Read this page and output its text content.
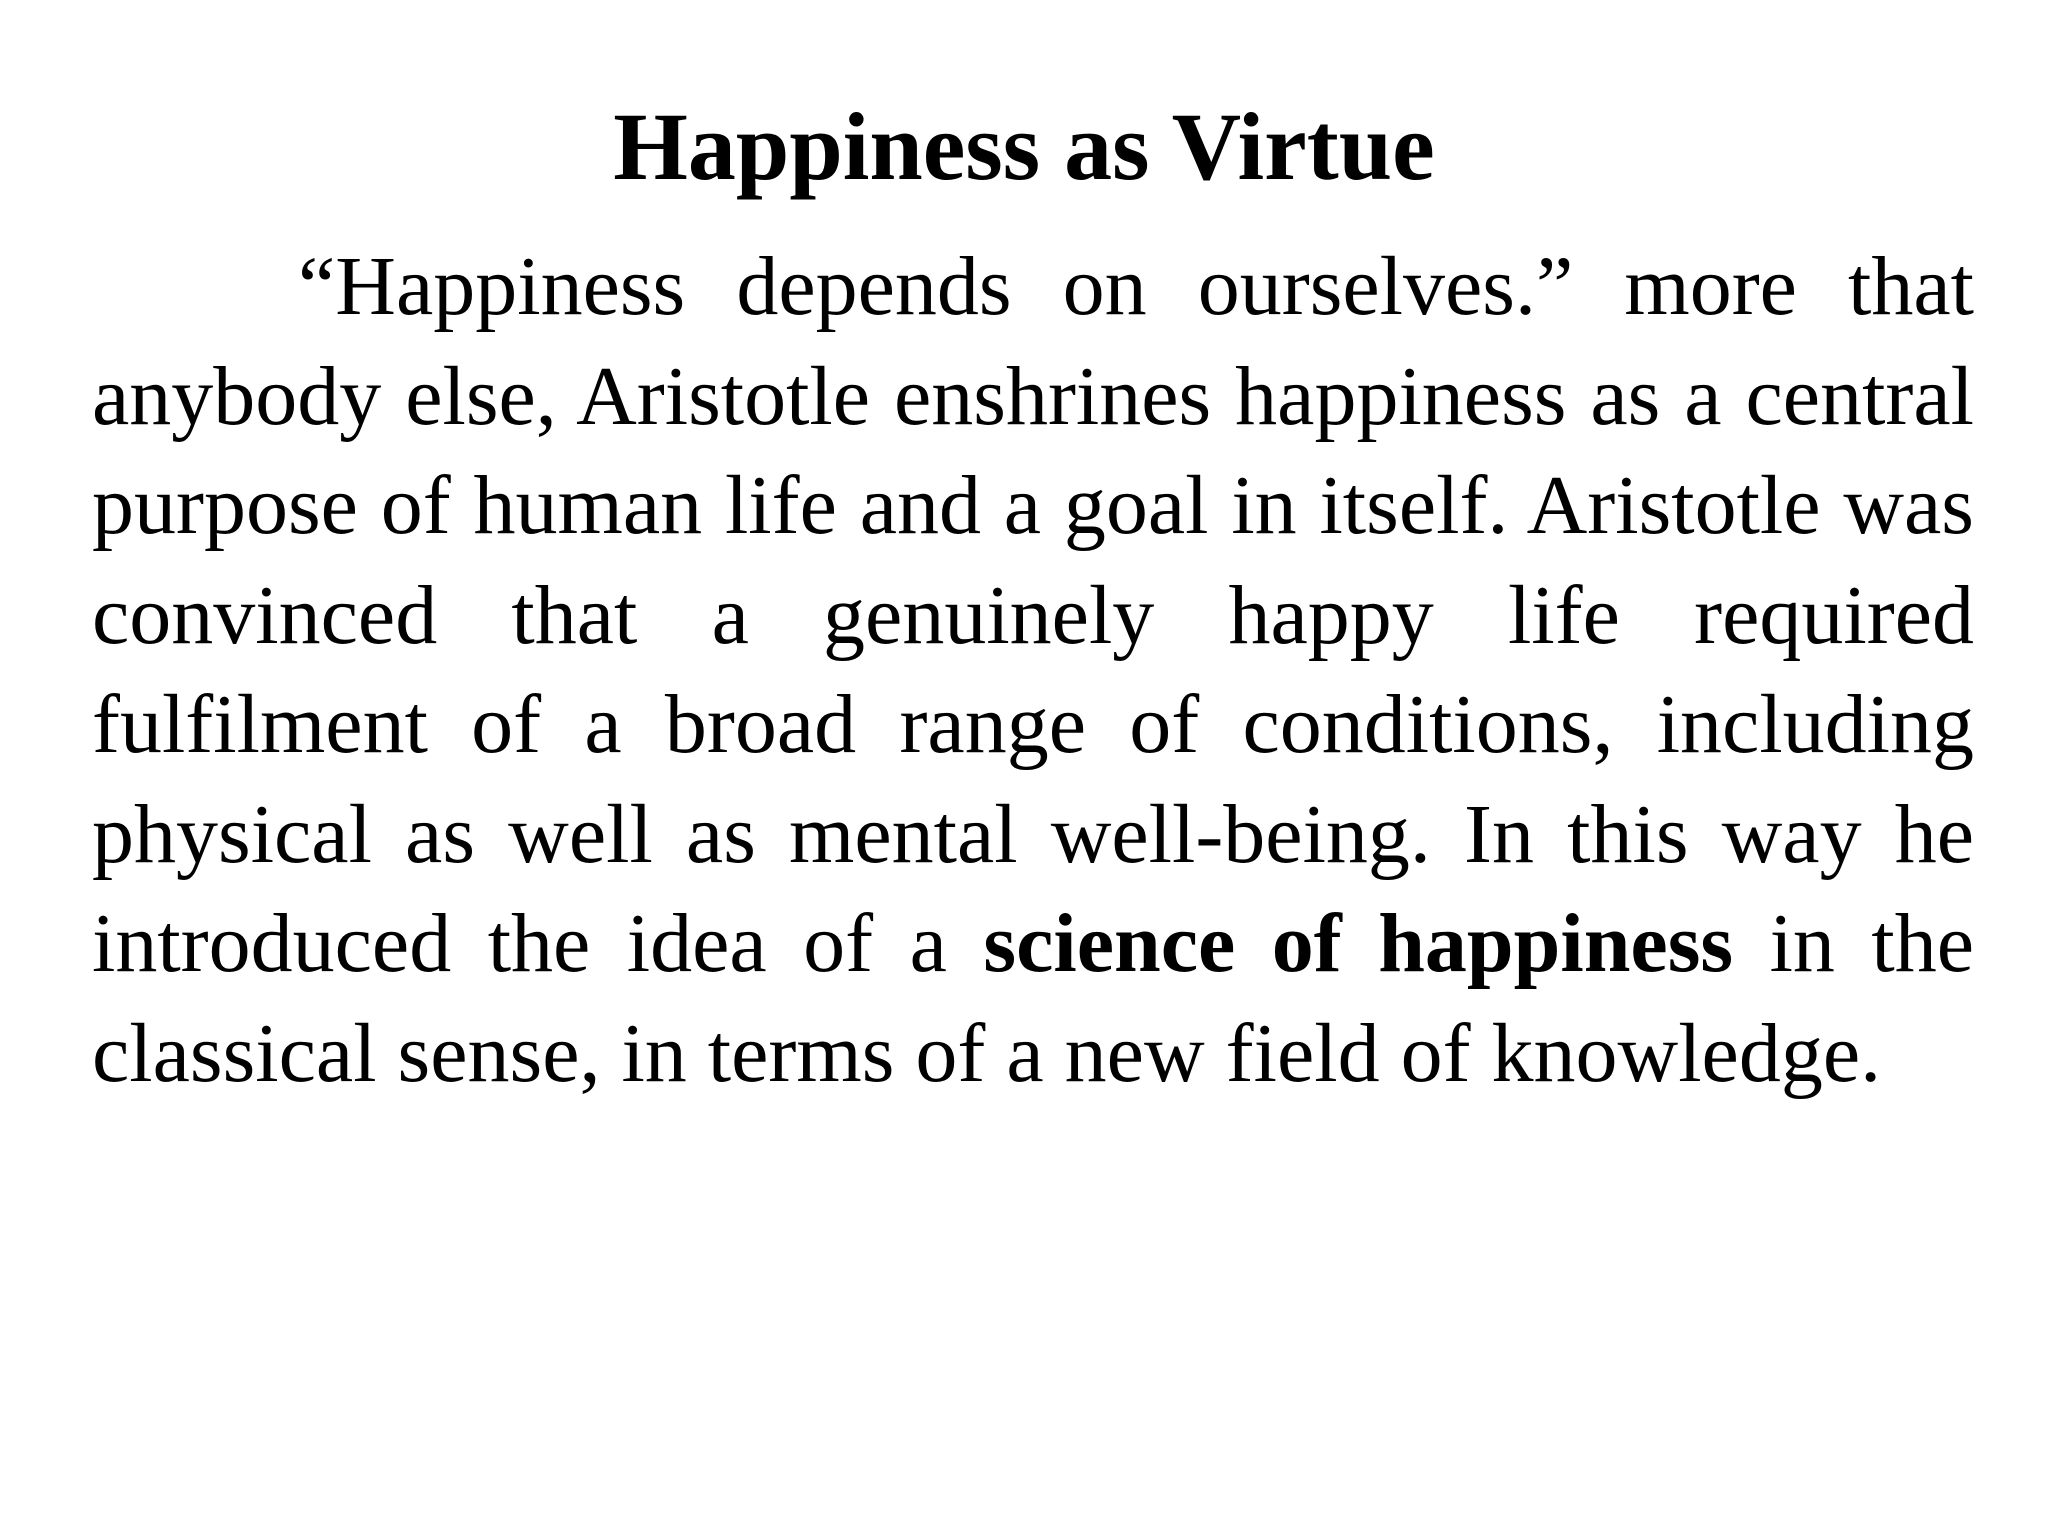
Happiness as Virtue

“Happiness depends on ourselves.” more that anybody else, Aristotle enshrines happiness as a central purpose of human life and a goal in itself. Aristotle was convinced that a genuinely happy life required fulfilment of a broad range of conditions, including physical as well as mental well-being. In this way he introduced the idea of a science of happiness in the classical sense, in terms of a new field of knowledge.
